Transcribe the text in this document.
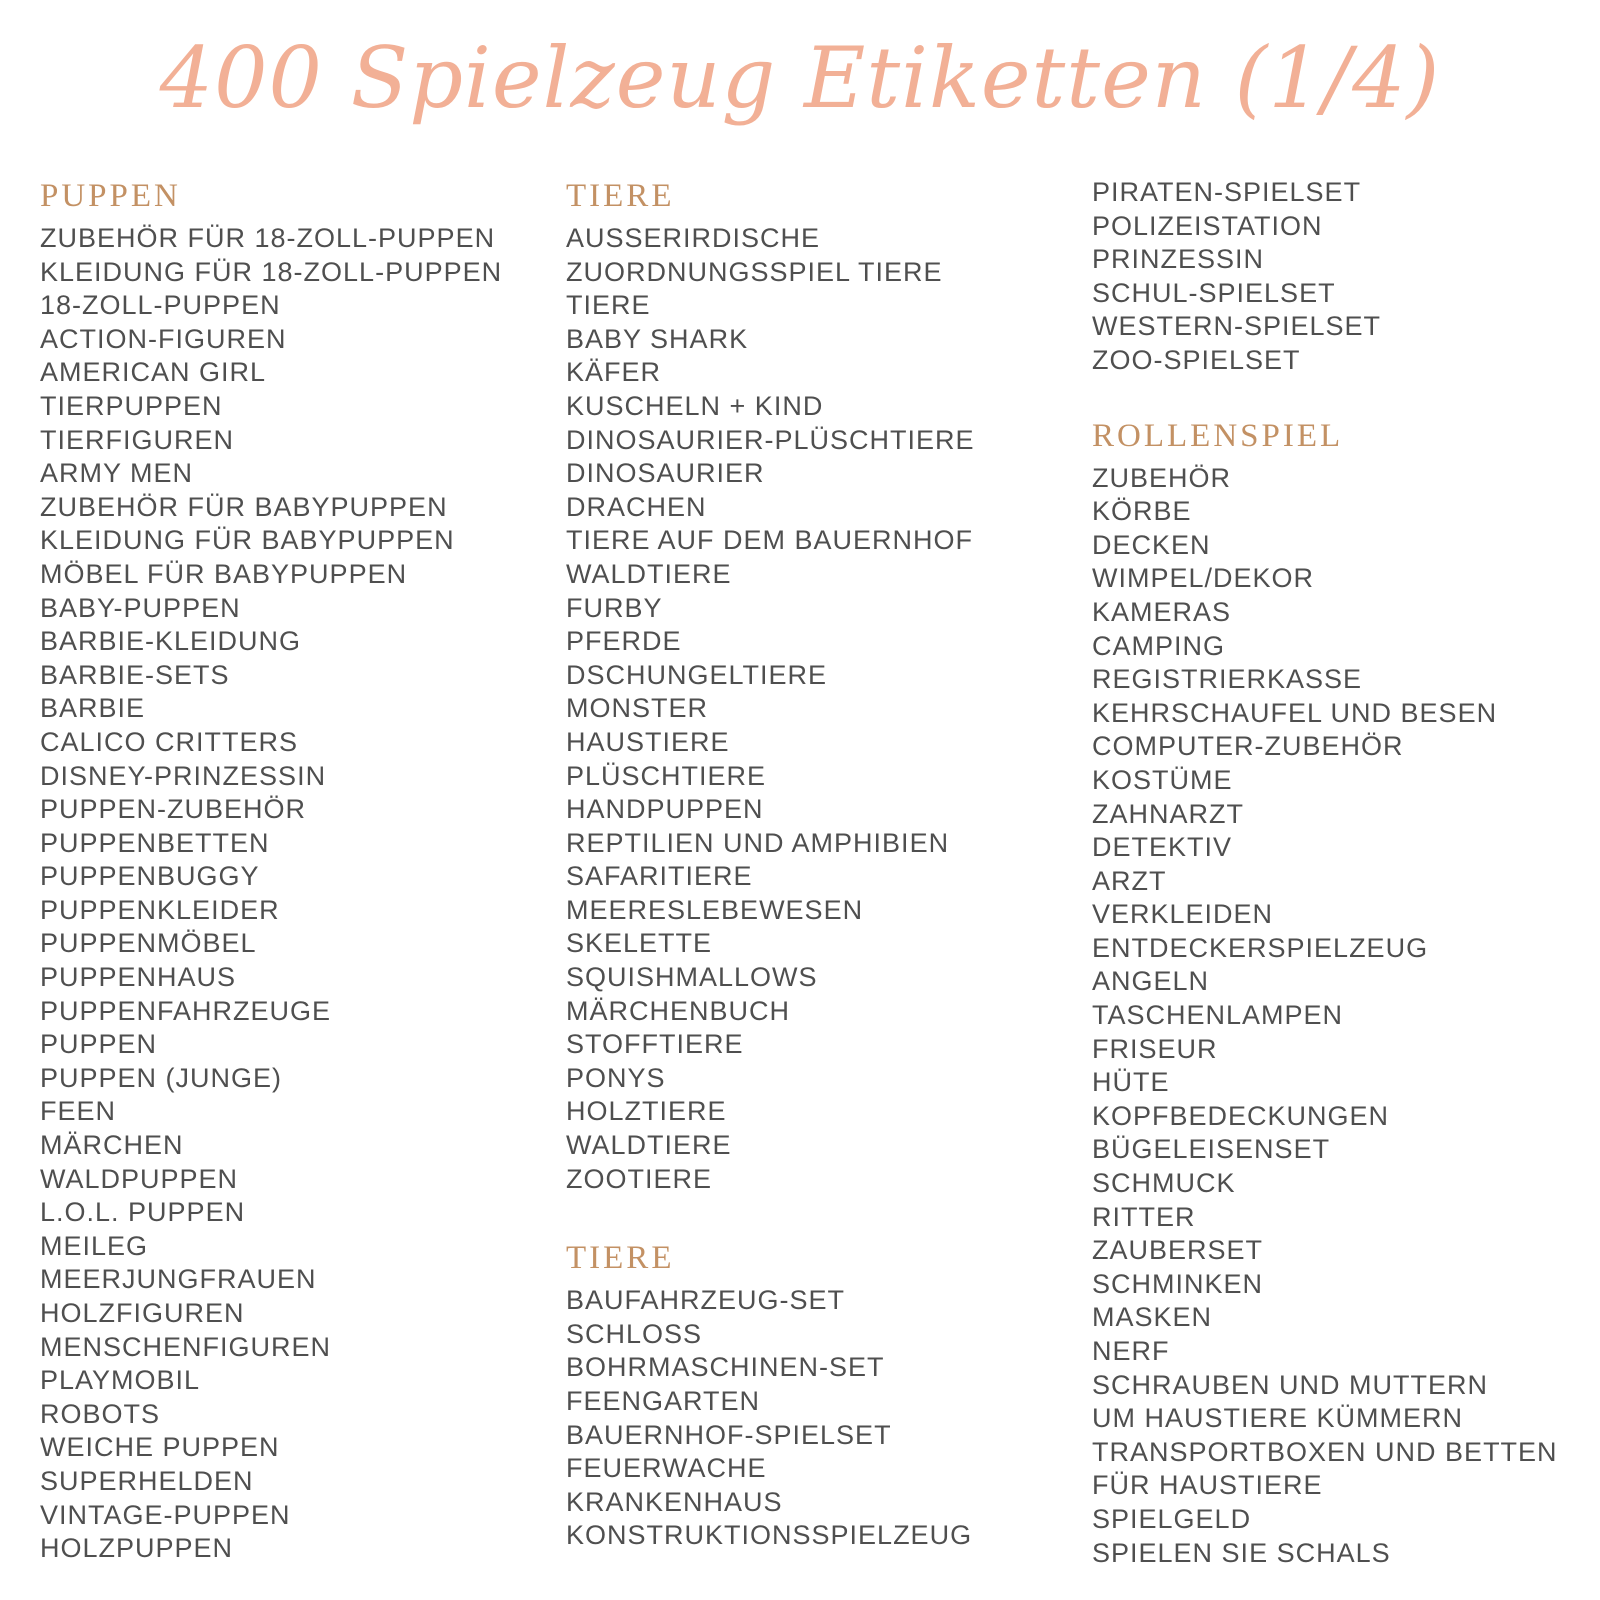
400 Spielzeug Etiketten (1/4)
PUPPEN
ZUBEHÖR FÜR 18-ZOLL-PUPPEN
KLEIDUNG FÜR 18-ZOLL-PUPPEN
18-ZOLL-PUPPEN
ACTION-FIGUREN
AMERICAN GIRL
TIERPUPPEN
TIERFIGUREN
ARMY MEN
ZUBEHÖR FÜR BABYPUPPEN
KLEIDUNG FÜR BABYPUPPEN
MÖBEL FÜR BABYPUPPEN
BABY-PUPPEN
BARBIE-KLEIDUNG
BARBIE-SETS
BARBIE
CALICO CRITTERS
DISNEY-PRINZESSIN
PUPPEN-ZUBEHÖR
PUPPENBETTEN
PUPPENBUGGY
PUPPENKLEIDER
PUPPENMÖBEL
PUPPENHAUS
PUPPENFAHRZEUGE
PUPPEN
PUPPEN (JUNGE)
FEEN
MÄRCHEN
WALDPUPPEN
L.O.L. PUPPEN
MEILEG
MEERJUNGFRAUEN
HOLZFIGUREN
MENSCHENFIGUREN
PLAYMOBIL
ROBOTS
WEICHE PUPPEN
SUPERHELDEN
VINTAGE-PUPPEN
HOLZPUPPEN
TIERE
AUSSERIRDISCHE
ZUORDNUNGSSPIEL TIERE
TIERE
BABY SHARK
KÄFER
KUSCHELN + KIND
DINOSAURIER-PLÜSCHTIERE
DINOSAURIER
DRACHEN
TIERE AUF DEM BAUERNHOF
WALDTIERE
FURBY
PFERDE
DSCHUNGELTIERE
MONSTER
HAUSTIERE
PLÜSCHTIERE
HANDPUPPEN
REPTILIEN UND AMPHIBIEN
SAFARITIERE
MEERESLEBEWESEN
SKELETTE
SQUISHMALLOWS
MÄRCHENBUCH
STOFFTIERE
PONYS
HOLZTIERE
WALDTIERE
ZOOTIERE
TIERE
BAUFAHRZEUG-SET
SCHLOSS
BOHRMASCHINEN-SET
FEENGARTEN
BAUERNHOF-SPIELSET
FEUERWACHE
KRANKENHAUS
KONSTRUKTIONSSPIELZEUG
PIRATEN-SPIELSET
POLIZEISTATION
PRINZESSIN
SCHUL-SPIELSET
WESTERN-SPIELSET
ZOO-SPIELSET
ROLLENSPIEL
ZUBEHÖR
KÖRBE
DECKEN
WIMPEL/DEKOR
KAMERAS
CAMPING
REGISTRIERKASSE
KEHRSCHAUFEL UND BESEN
COMPUTER-ZUBEHÖR
KOSTÜME
ZAHNARZT
DETEKTIV
ARZT
VERKLEIDEN
ENTDECKERSPIELZEUG
ANGELN
TASCHENLAMPEN
FRISEUR
HÜTE
KOPFBEDECKUNGEN
BÜGELEISENSET
SCHMUCK
RITTER
ZAUBERSET
SCHMINKEN
MASKEN
NERF
SCHRAUBEN UND MUTTERN
UM HAUSTIERE KÜMMERN
TRANSPORTBOXEN UND BETTEN
FÜR HAUSTIERE
SPIELGELD
SPIELEN SIE SCHALS
